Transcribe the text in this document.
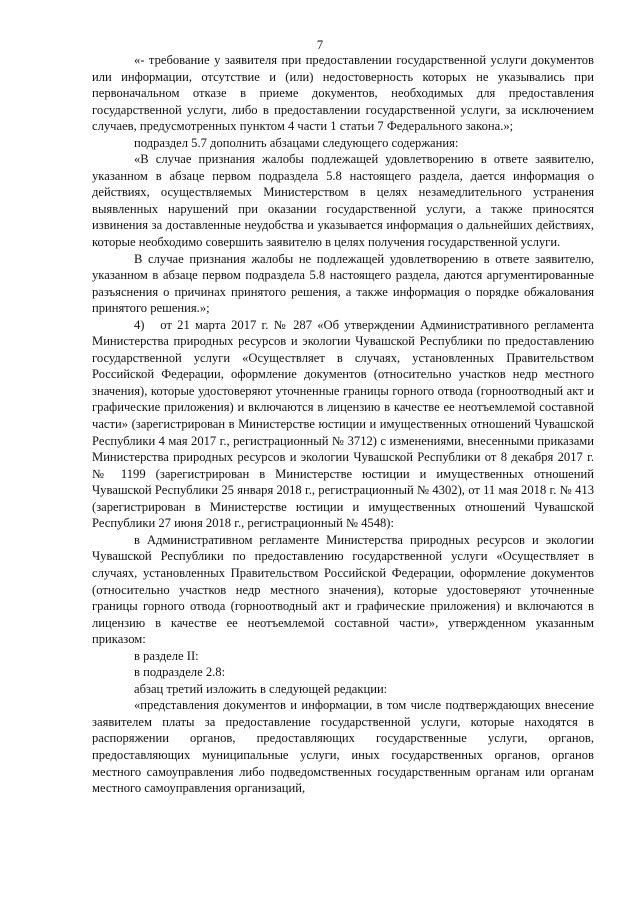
7

«- требование у заявителя при предоставлении государственной услуги документов или информации, отсутствие и (или) недостоверность которых не указывались при первоначальном отказе в приеме документов, необходимых для предоставления государственной услуги, либо в предоставлении государственной услуги, за исключением случаев, предусмотренных пунктом 4 части 1 статьи 7 Федерального закона.»;

подраздел 5.7 дополнить абзацами следующего содержания:

«В случае признания жалобы подлежащей удовлетворению в ответе заявителю, указанном в абзаце первом подраздела 5.8 настоящего раздела, дается информация о действиях, осуществляемых Министерством в целях незамедлительного устранения выявленных нарушений при оказании государственной услуги, а также приносятся извинения за доставленные неудобства и указывается информация о дальнейших действиях, которые необходимо совершить заявителю в целях получения государственной услуги.

В случае признания жалобы не подлежащей удовлетворению в ответе заявителю, указанном в абзаце первом подраздела 5.8 настоящего раздела, даются аргументированные разъяснения о причинах принятого решения, а также информация о порядке обжалования принятого решения.»;

4)   от 21 марта 2017 г. № 287 «Об утверждении Административного регламента Министерства природных ресурсов и экологии Чувашской Республики по предоставлению государственной услуги «Осуществляет в случаях, установленных Правительством Российской Федерации, оформление документов (относительно участков недр местного значения), которые удостоверяют уточненные границы горного отвода (горноотводный акт и графические приложения) и включаются в лицензию в качестве ее неотъемлемой составной части» (зарегистрирован в Министерстве юстиции и имущественных отношений Чувашской Республики 4 мая 2017 г., регистрационный № 3712) с изменениями, внесенными приказами Министерства природных ресурсов и экологии Чувашской Республики от 8 декабря 2017 г. № 1199 (зарегистрирован в Министерстве юстиции и имущественных отношений Чувашской Республики 25 января 2018 г., регистрационный № 4302), от 11 мая 2018 г. № 413 (зарегистрирован в Министерстве юстиции и имущественных отношений Чувашской Республики 27 июня 2018 г., регистрационный № 4548):

в Административном регламенте Министерства природных ресурсов и экологии Чувашской Республики по предоставлению государственной услуги «Осуществляет в случаях, установленных Правительством Российской Федерации, оформление документов (относительно участков недр местного значения), которые удостоверяют уточненные границы горного отвода (горноотводный акт и графические приложения) и включаются в лицензию в качестве ее неотъемлемой составной части», утвержденном указанным приказом:

в разделе II:

в подразделе 2.8:

абзац третий изложить в следующей редакции:

«представления документов и информации, в том числе подтверждающих внесение заявителем платы за предоставление государственной услуги, которые находятся в распоряжении органов, предоставляющих государственные услуги, органов, предоставляющих муниципальные услуги, иных государственных органов, органов местного самоуправления либо подведомственных государственным органам или органам местного самоуправления организаций,
